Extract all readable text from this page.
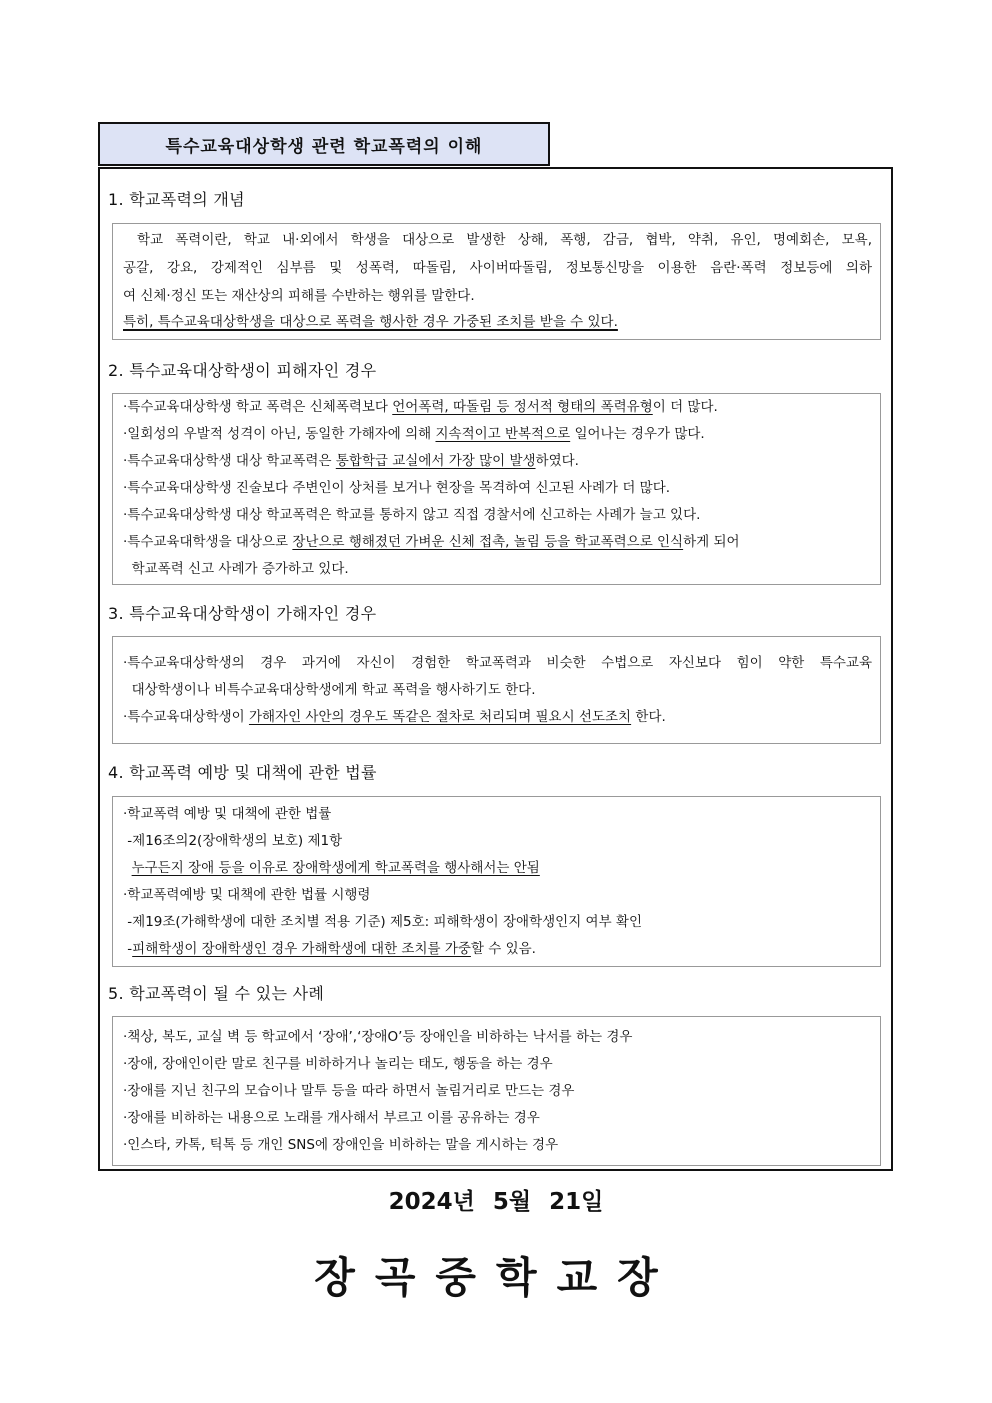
특수교육대상학생 관련 학교폭력의 이해
1. 학교폭력의 개념
학교 폭력이란, 학교 내·외에서 학생을 대상으로 발생한 상해, 폭행, 감금, 협박, 약취, 유인, 명예회손, 모욕,
공갈, 강요, 강제적인 심부름 및 성폭력, 따돌림, 사이버따돌림, 정보통신망을 이용한 음란·폭력 정보등에 의하
여 신체·정신 또는 재산상의 피해를 수반하는 행위를 말한다.
특히, 특수교육대상학생을 대상으로 폭력을 행사한 경우 가중된 조치를 받을 수 있다.
2. 특수교육대상학생이 피해자인 경우
·특수교육대상학생 학교 폭력은 신체폭력보다 언어폭력, 따돌림 등 정서적 형태의 폭력유형이 더 많다.
·일회성의 우발적 성격이 아닌, 동일한 가해자에 의해 지속적이고 반복적으로 일어나는 경우가 많다.
·특수교육대상학생 대상 학교폭력은 통합학급 교실에서 가장 많이 발생하였다.
·특수교육대상학생 진술보다 주변인이 상처를 보거나 현장을 목격하여 신고된 사례가 더 많다.
·특수교육대상학생 대상 학교폭력은 학교를 통하지 않고 직접 경찰서에 신고하는 사례가 늘고 있다.
·특수교육대학생을 대상으로 장난으로 행해졌던 가벼운 신체 접촉, 놀림 등을 학교폭력으로 인식하게 되어
학교폭력 신고 사례가 증가하고 있다.
3. 특수교육대상학생이 가해자인 경우
·특수교육대상학생의 경우 과거에 자신이 경험한 학교폭력과 비슷한 수법으로 자신보다 힘이 약한 특수교육
대상학생이나 비특수교육대상학생에게 학교 폭력을 행사하기도 한다.
·특수교육대상학생이 가해자인 사안의 경우도 똑같은 절차로 처리되며 필요시 선도조치 한다.
4. 학교폭력 예방 및 대책에 관한 법률
·학교폭력 예방 및 대책에 관한 법률
-제16조의2(장애학생의 보호) 제1항
누구든지 장애 등을 이유로 장애학생에게 학교폭력을 행사해서는 안됨
·학교폭력예방 및 대책에 관한 법률 시행령
-제19조(가해학생에 대한 조치별 적용 기준) 제5호: 피해학생이 장애학생인지 여부 확인
-피해학생이 장애학생인 경우 가해학생에 대한 조치를 가중할 수 있음.
5. 학교폭력이 될 수 있는 사례
·책상, 복도, 교실 벽 등 학교에서 ‘장애’,‘장애O’등 장애인을 비하하는 낙서를 하는 경우
·장애, 장애인이란 말로 친구를 비하하거나 놀리는 태도, 행동을 하는 경우
·장애를 지닌 친구의 모습이나 말투 등을 따라 하면서 놀림거리로 만드는 경우
·장애를 비하하는 내용으로 노래를 개사해서 부르고 이를 공유하는 경우
·인스타, 카톡, 틱톡 등 개인 SNS에 장애인을 비하하는 말을 게시하는 경우
2024년 5월 21일
장곡중학교장
